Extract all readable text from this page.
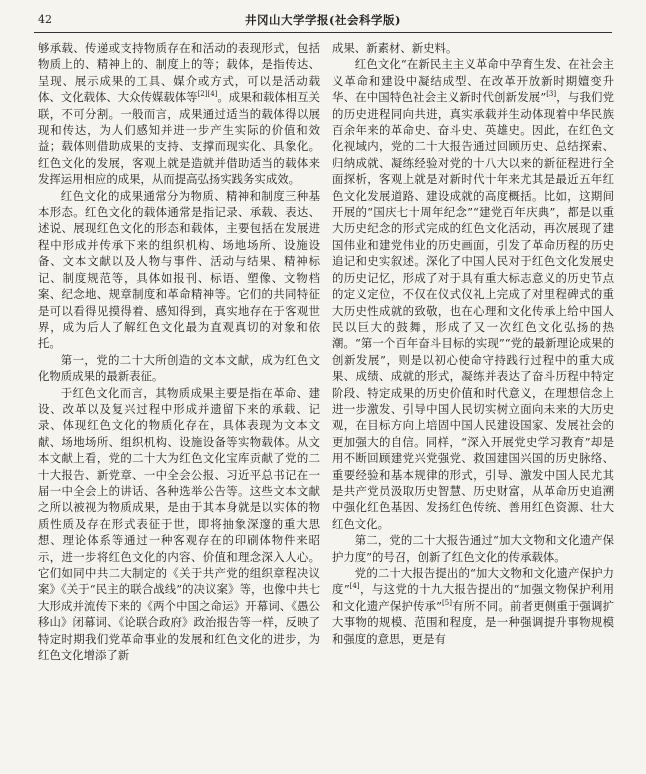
42	井冈山大学学报(社会科学版)

够承载、传递或支持物质存在和活动的表现形式，包括物质上的、精神上的、制度上的等；载体，是指传达、呈现、展示成果的工具、媒介或方式，可以是活动载体、文化载体、大众传媒载体等[2][4]。成果和载体相互关联，不可分割。一般而言，成果通过适当的载体得以展现和传达，为人们感知并进一步产生实际的价值和效益；载体则借助成果的支持、支撑而现实化、具象化。红色文化的发展，客观上就是造就并借助适当的载体来发挥运用相应的成果，从而提高弘扬实践务实成效。

红色文化的成果通常分为物质、精神和制度三种基本形态。红色文化的载体通常是指记录、承载、表达、述说、展现红色文化的形态和载体，主要包括在发展进程中形成并传承下来的组织机构、场地场所、设施设备、文本文献以及人物与事件、活动与结果、精神标记、制度规范等，具体如报刊、标语、塑像、文物档案、纪念地、规章制度和革命精神等。它们的共同特征是可以看得见摸得着、感知得到，真实地存在于客观世界，成为后人了解红色文化最为直观真切的对象和依托。

第一，党的二十大所创造的文本文献，成为红色文化物质成果的最新表征。

于红色文化而言，其物质成果主要是指在革命、建设、改革以及复兴过程中形成并遗留下来的承载、记录、体现红色文化的物质化存在，具体表现为文本文献、场地场所、组织机构、设施设备等实物载体。从文本文献上看，党的二十大为红色文化宝库贡献了党的二十大报告、新党章、一中全会公报、习近平总书记在一届一中全会上的讲话、各种选举公告等。这些文本文献之所以被视为物质成果，是由于其本身就是以实体的物质性质及存在形式表征于世，即将抽象深邃的重大思想、理论体系等通过一种客观存在的印刷体物件来昭示，进一步将红色文化的内容、价值和理念深入人心。它们如同中共二大制定的《关于共产党的组织章程决议案》《关于“民主的联合战线”的决议案》等，也像中共七大形成并流传下来的《两个中国之命运》开幕词、《愚公移山》闭幕词、《论联合政府》政治报告等一样，反映了特定时期我们党革命事业的发展和红色文化的进步，为红色文化增添了新

成果、新素材、新史料。

红色文化“在新民主主义革命中孕育生发、在社会主义革命和建设中凝结成型、在改革开放新时期嬗变升华、在中国特色社会主义新时代创新发展”[3]，与我们党的历史进程同向共进，真实承载并生动体现着中华民族百余年来的革命史、奋斗史、英雄史。因此，在红色文化视域内，党的二十大报告通过回顾历史、总结探索、归纳成就、凝练经验对党的十八大以来的新征程进行全面探析，客观上就是对新时代十年来尤其是最近五年红色文化发展道路、建设成就的高度概括。比如，这期间开展的“国庆七十周年纪念”“建党百年庆典”，都是以重大历史纪念的形式完成的红色文化活动，再次展现了建国伟业和建党伟业的历史画面，引发了革命历程的历史追记和史实叙述。深化了中国人民对于红色文化发展史的历史记忆，形成了对于具有重大标志意义的历史节点的定义定位，不仅在仪式仪礼上完成了对里程碑式的重大历史性成就的致敬，也在心理和文化传承上给中国人民以巨大的鼓舞，形成了又一次红色文化弘扬的热潮。“第一个百年奋斗目标的实现”“党的最新理论成果的创新发展”，则是以初心使命守持践行过程中的重大成果、成绩、成就的形式，凝练并表达了奋斗历程中特定阶段、特定成果的历史价值和时代意义，在理想信念上进一步激发、引导中国人民切实树立面向未来的大历史观，在目标方向上培固中国人民建设国家、发展社会的更加强大的自信。同样，“深入开展党史学习教育”却是用不断回顾建党兴党强党、救国建国兴国的历史脉络、重要经验和基本规律的形式，引导、激发中国人民尤其是共产党员汲取历史智慧、历史财富，从革命历史追溯中强化红色基因、发扬红色传统、善用红色资源、壮大红色文化。

第二，党的二十大报告通过“加大文物和文化遗产保护力度”的号召，创新了红色文化的传承载体。

党的二十大报告提出的“加大文物和文化遗产保护力度”[4]，与这党的十九大报告提出的“加强文物保护利用和文化遗产保护传承”[5]有所不同。前者更侧重于强调扩大事物的规模、范围和程度，是一种强调提升事物规模和强度的意思，更是有
